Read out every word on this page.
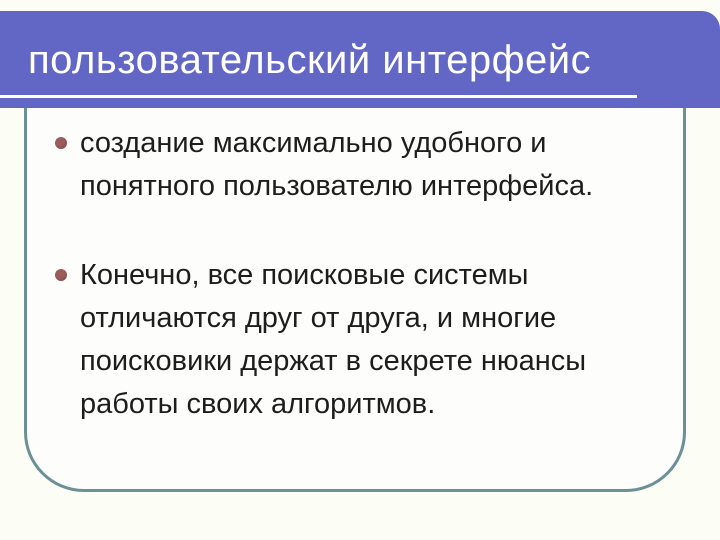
пользовательский интерфейс
создание максимально удобного и
понятного пользователю интерфейса.
Конечно, все поисковые системы
отличаются друг от друга, и многие
поисковики держат в секрете нюансы
работы своих алгоритмов.
